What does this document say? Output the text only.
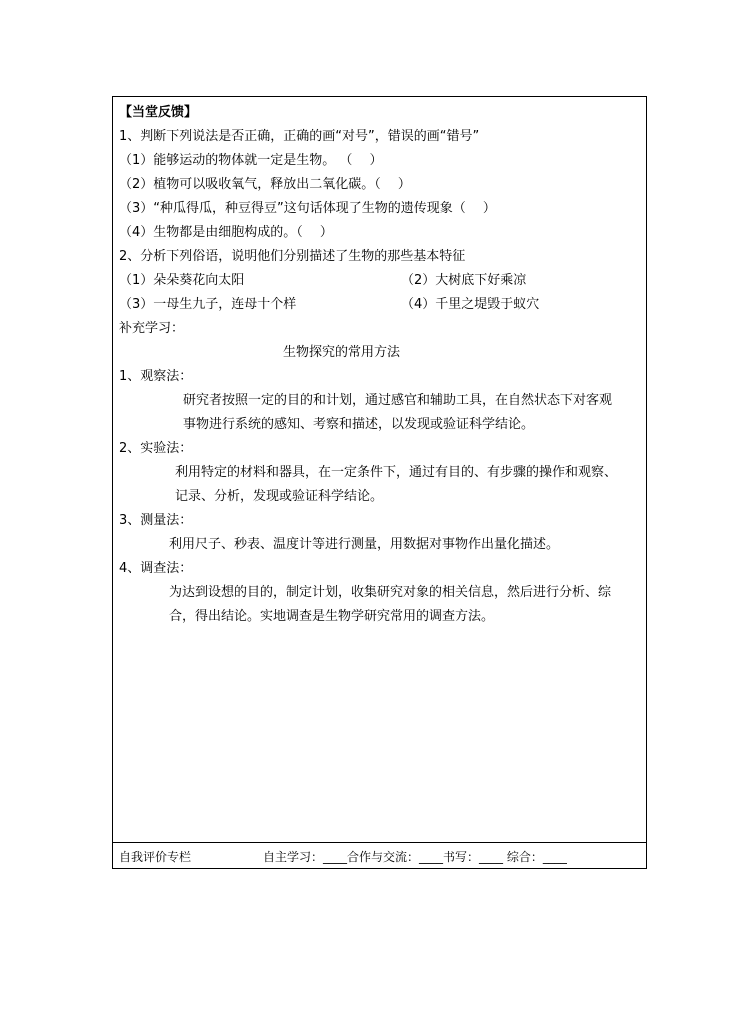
【当堂反馈】
1、判断下列说法是否正确，正确的画“对号”，错误的画“错号”
（1）能够运动的物体就一定是生物。 （　 ）
（2）植物可以吸收氧气，释放出二氧化碳。（　 ）
（3）“种瓜得瓜，种豆得豆”这句话体现了生物的遗传现象（　 ）
（4）生物都是由细胞构成的。（　 ）
2、分析下列俗语，说明他们分别描述了生物的那些基本特征
（1）朵朵葵花向太阳	（2）大树底下好乘凉
（3）一母生九子，连母十个样	（4）千里之堤毁于蚁穴
补充学习：
生物探究的常用方法
1、观察法：
研究者按照一定的目的和计划，通过感官和辅助工具，在自然状态下对客观
事物进行系统的感知、考察和描述，以发现或验证科学结论。
2、实验法：
利用特定的材料和器具，在一定条件下，通过有目的、有步骤的操作和观察、
记录、分析，发现或验证科学结论。
3、测量法：
利用尺子、秒表、温度计等进行测量，用数据对事物作出量化描述。
4、调查法：
为达到设想的目的，制定计划，收集研究对象的相关信息，然后进行分析、综
合，得出结论。实地调查是生物学研究常用的调查方法。
自我评价专栏	自主学习：____合作与交流：____书写：____ 综合：____
